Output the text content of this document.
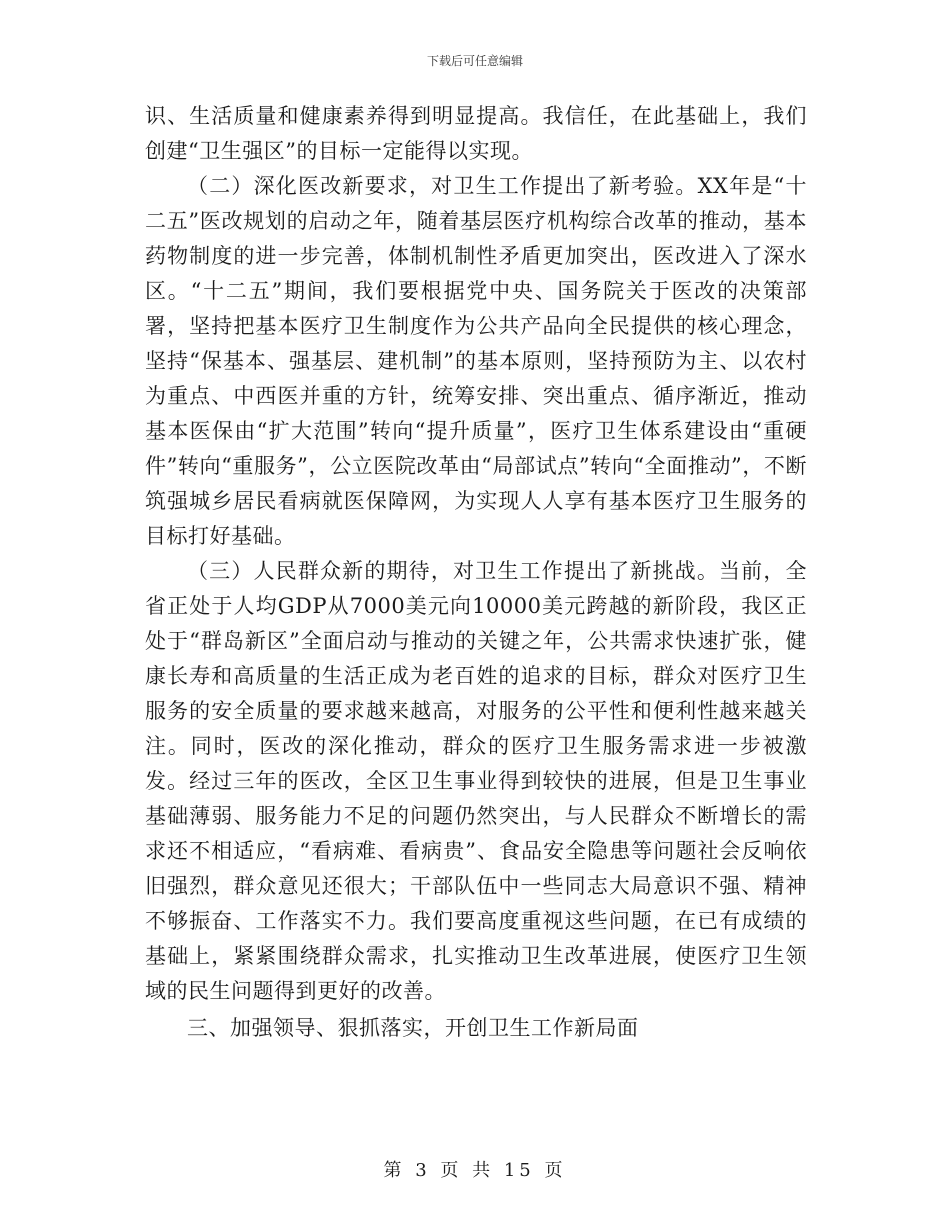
下载后可任意编辑

识、生活质量和健康素养得到明显提高。我信任，在此基础上，我们创建“卫生强区”的目标一定能得以实现。

（二）深化医改新要求，对卫生工作提出了新考验。XX年是“十二五”医改规划的启动之年，随着基层医疗机构综合改革的推动，基本药物制度的进一步完善，体制机制性矛盾更加突出，医改进入了深水区。“十二五”期间，我们要根据党中央、国务院关于医改的决策部署，坚持把基本医疗卫生制度作为公共产品向全民提供的核心理念，坚持“保基本、强基层、建机制”的基本原则，坚持预防为主、以农村为重点、中西医并重的方针，统筹安排、突出重点、循序渐近，推动基本医保由“扩大范围”转向“提升质量”，医疗卫生体系建设由“重硬件”转向“重服务”，公立医院改革由“局部试点”转向“全面推动”，不断筑强城乡居民看病就医保障网，为实现人人享有基本医疗卫生服务的目标打好基础。

（三）人民群众新的期待，对卫生工作提出了新挑战。当前，全省正处于人均GDP从7000美元向10000美元跨越的新阶段，我区正处于“群岛新区”全面启动与推动的关键之年，公共需求快速扩张，健康长寿和高质量的生活正成为老百姓的追求的目标，群众对医疗卫生服务的安全质量的要求越来越高，对服务的公平性和便利性越来越关注。同时，医改的深化推动，群众的医疗卫生服务需求进一步被激发。经过三年的医改，全区卫生事业得到较快的进展，但是卫生事业基础薄弱、服务能力不足的问题仍然突出，与人民群众不断增长的需求还不相适应，“看病难、看病贵”、食品安全隐患等问题社会反响依旧强烈，群众意见还很大；干部队伍中一些同志大局意识不强、精神不够振奋、工作落实不力。我们要高度重视这些问题，在已有成绩的基础上，紧紧围绕群众需求，扎实推动卫生改革进展，使医疗卫生领域的民生问题得到更好的改善。

三、加强领导、狠抓落实，开创卫生工作新局面

第 3 页 共 15 页
